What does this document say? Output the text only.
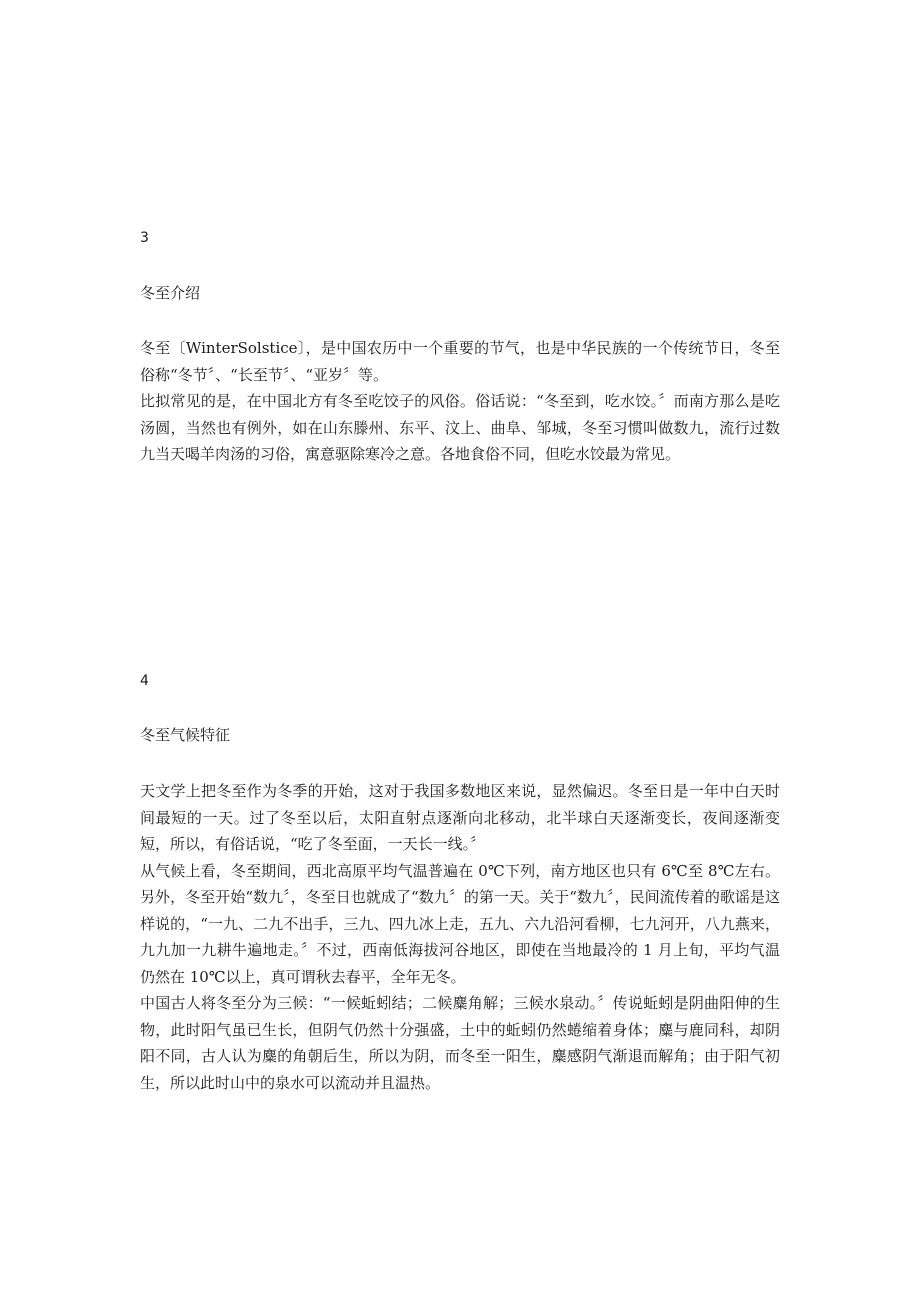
3

冬至介绍

冬至〔WinterSolstice〕，是中国农历中一个重要的节气，也是中华民族的一个传统节日，冬至俗称“冬节〞、“长至节〞、“亚岁〞等。

比拟常见的是，在中国北方有冬至吃饺子的风俗。俗话说：“冬至到，吃水饺。〞而南方那么是吃汤圆，当然也有例外，如在山东滕州、东平、汶上、曲阜、邹城，冬至习惯叫做数九，流行过数九当天喝羊肉汤的习俗，寓意驱除寒冷之意。各地食俗不同，但吃水饺最为常见。

4

冬至气候特征

天文学上把冬至作为冬季的开始，这对于我国多数地区来说，显然偏迟。冬至日是一年中白天时间最短的一天。过了冬至以后，太阳直射点逐渐向北移动，北半球白天逐渐变长，夜间逐渐变短，所以，有俗话说，“吃了冬至面，一天长一线。〞

从气候上看，冬至期间，西北高原平均气温普遍在 0℃下列，南方地区也只有 6℃至 8℃左右。另外，冬至开始“数九〞，冬至日也就成了“数九〞的第一天。关于“数九〞，民间流传着的歌谣是这样说的，“一九、二九不出手，三九、四九冰上走，五九、六九沿河看柳，七九河开，八九燕来，九九加一九耕牛遍地走。〞不过，西南低海拔河谷地区，即使在当地最冷的 1 月上旬，平均气温仍然在 10℃以上，真可谓秋去春平，全年无冬。

中国古人将冬至分为三候：“一候蚯蚓结；二候麋角解；三候水泉动。〞传说蚯蚓是阴曲阳伸的生物，此时阳气虽已生长，但阴气仍然十分强盛，土中的蚯蚓仍然蜷缩着身体；麋与鹿同科，却阴阳不同，古人认为麋的角朝后生，所以为阴，而冬至一阳生，麋感阴气渐退而解角；由于阳气初生，所以此时山中的泉水可以流动并且温热。
